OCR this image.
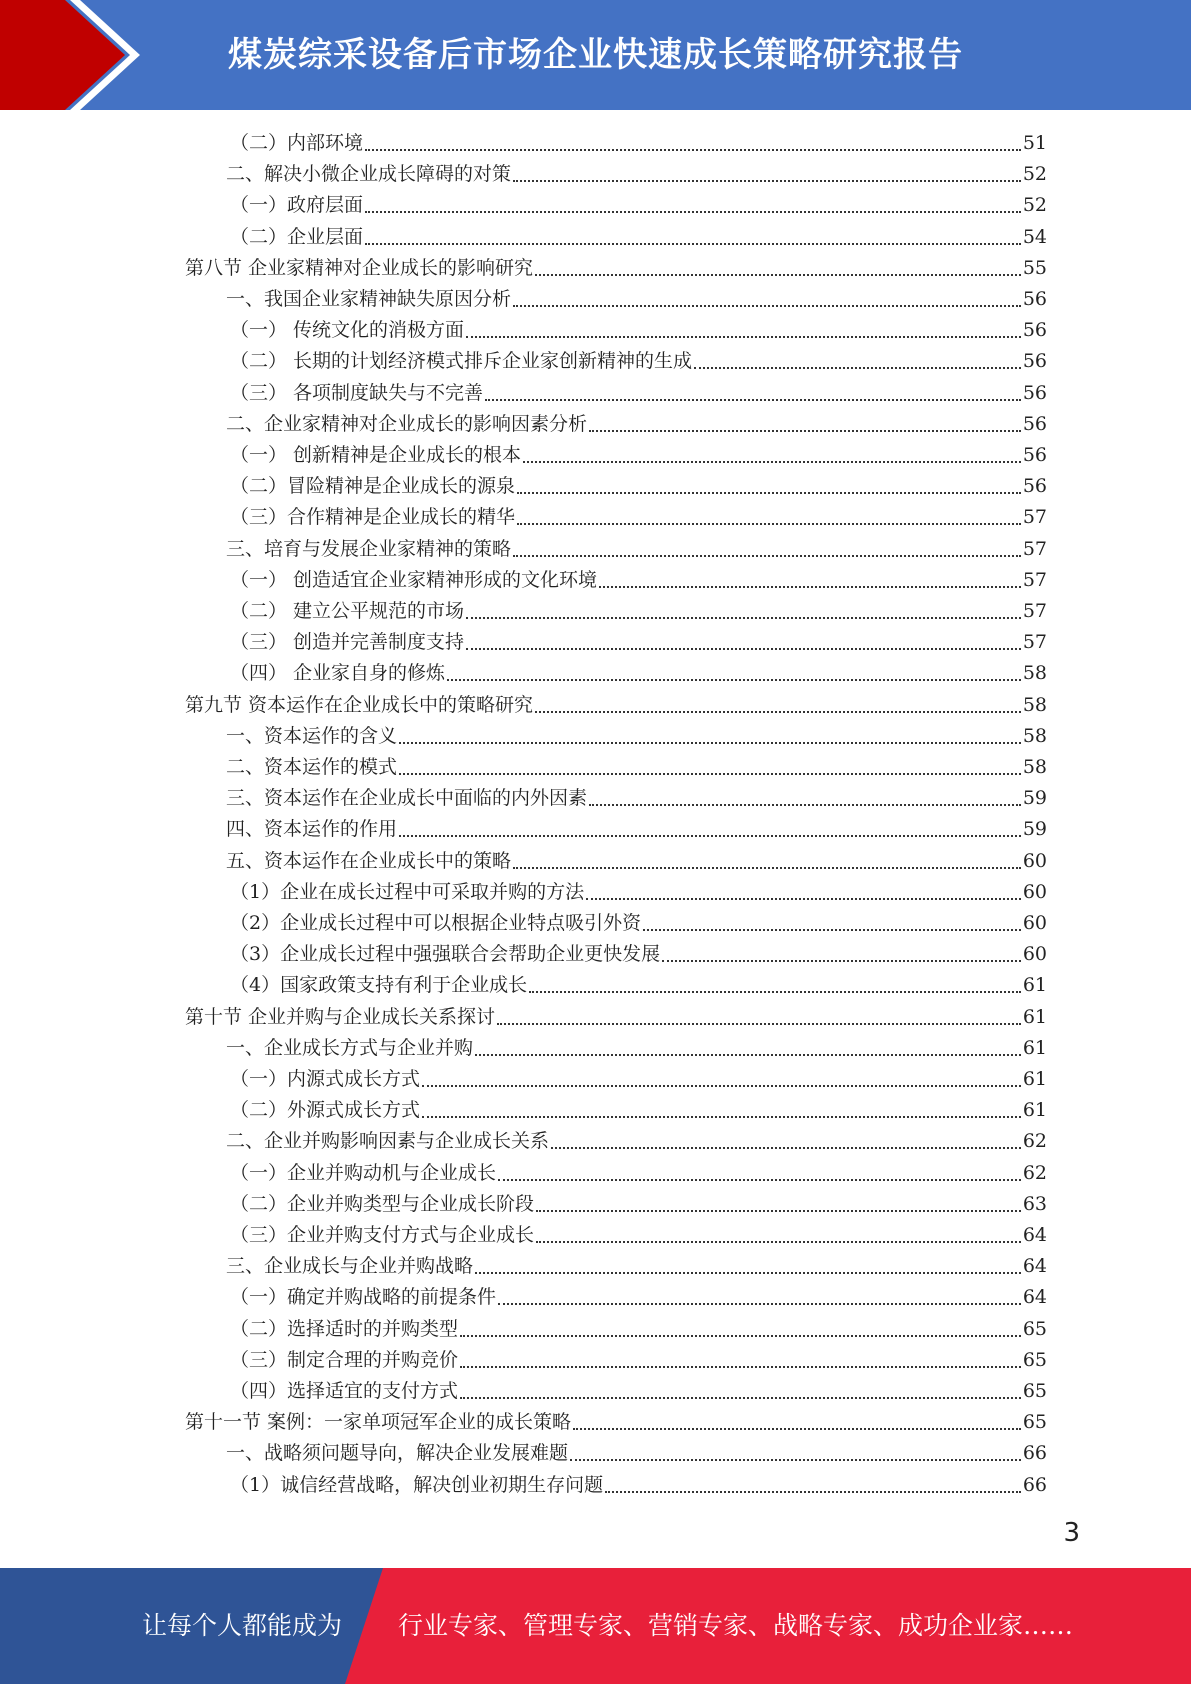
煤炭综采设备后市场企业快速成长策略研究报告
（二）内部环境	51
二、解决小微企业成长障碍的对策	52
（一）政府层面	52
（二）企业层面	54
第八节 企业家精神对企业成长的影响研究	55
一、我国企业家精神缺失原因分析	56
（一） 传统文化的消极方面	56
（二） 长期的计划经济模式排斥企业家创新精神的生成	56
（三） 各项制度缺失与不完善	56
二、企业家精神对企业成长的影响因素分析	56
（一） 创新精神是企业成长的根本	56
（二）冒险精神是企业成长的源泉	56
（三）合作精神是企业成长的精华	57
三、培育与发展企业家精神的策略	57
（一） 创造适宜企业家精神形成的文化环境	57
（二） 建立公平规范的市场	57
（三） 创造并完善制度支持	57
（四） 企业家自身的修炼	58
第九节 资本运作在企业成长中的策略研究	58
一、资本运作的含义	58
二、资本运作的模式	58
三、资本运作在企业成长中面临的内外因素	59
四、资本运作的作用	59
五、资本运作在企业成长中的策略	60
（1）企业在成长过程中可采取并购的方法	60
（2）企业成长过程中可以根据企业特点吸引外资	60
（3）企业成长过程中强强联合会帮助企业更快发展	60
（4）国家政策支持有利于企业成长	61
第十节 企业并购与企业成长关系探讨	61
一、企业成长方式与企业并购	61
（一）内源式成长方式	61
（二）外源式成长方式	61
二、企业并购影响因素与企业成长关系	62
（一）企业并购动机与企业成长	62
（二）企业并购类型与企业成长阶段	63
（三）企业并购支付方式与企业成长	64
三、企业成长与企业并购战略	64
（一）确定并购战略的前提条件	64
（二）选择适时的并购类型	65
（三）制定合理的并购竞价	65
（四）选择适宜的支付方式	65
第十一节 案例：一家单项冠军企业的成长策略	65
一、战略须问题导向，解决企业发展难题	66
（1）诚信经营战略，解决创业初期生存问题	66
3
让每个人都能成为 行业专家、管理专家、营销专家、战略专家、成功企业家……
